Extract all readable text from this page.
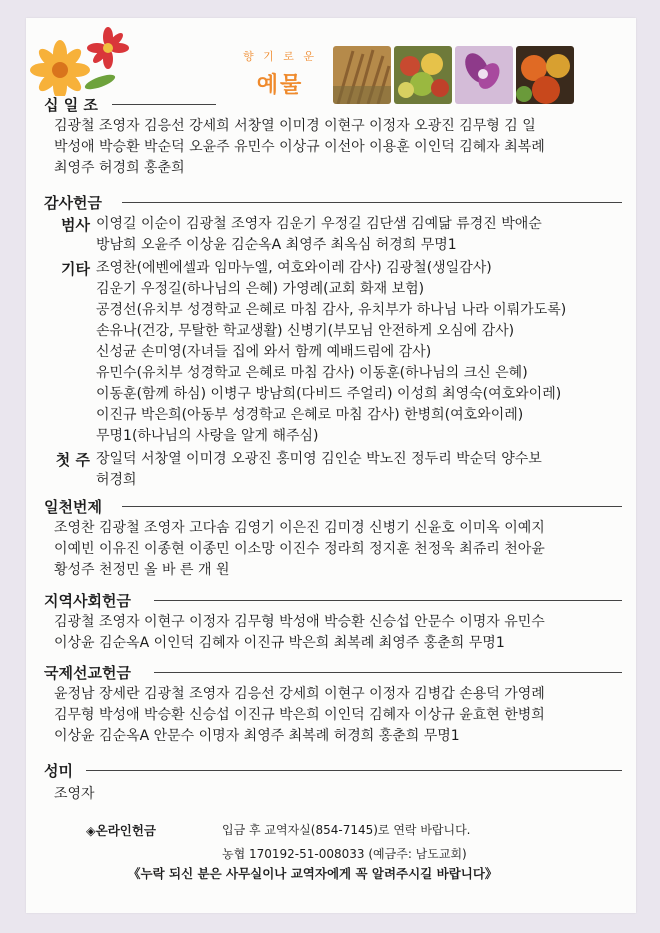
향 기 로 운
예물
십 일 조
김광철 조영자 김응선 강세희 서창열 이미경 이현구 이정자 오광진 김무형 김 일
박성애 박승환 박순덕 오윤주 유민수 이상규 이선아 이용훈 이인덕 김혜자 최복례
최영주 허경희 홍춘희
감사헌금
범사 이영길 이순이 김광철 조영자 김운기 우정길 김단샘 김예닮 류경진 박애순
방남희 오윤주 이상윤 김순옥A 최영주 최옥심 허경희 무명1
기타 조영찬(에벤에셀과 임마누엘, 여호와이레 감사) 김광철(생일감사)
김운기 우정길(하나님의 은혜) 가영례(교회 화재 보험)
공경선(유치부 성경학교 은혜로 마침 감사, 유치부가 하나님 나라 이뤄가도록)
손유나(건강, 무탈한 학교생활) 신병기(부모님 안전하게 오심에 감사)
신성균 손미영(자녀들 집에 와서 함께 예배드림에 감사)
유민수(유치부 성경학교 은혜로 마침 감사) 이동훈(하나님의 크신 은혜)
이동훈(함께 하심) 이병구 방남희(다비드 주얼리) 이성희 최영숙(여호와이레)
이진규 박은희(아동부 성경학교 은혜로 마침 감사) 한병희(여호와이레)
무명1(하나님의 사랑을 알게 해주심)
첫 주 장일덕 서창열 이미경 오광진 홍미영 김인순 박노진 정두리 박순덕 양수보
허경희
일천번제
조영찬 김광철 조영자 고다솜 김영기 이은진 김미경 신병기 신윤호 이미옥 이예지
이예빈 이유진 이종현 이종민 이소망 이진수 정라희 정지훈 천정욱 최쥬리 천아윤
황성주 천정민 올 바 른 개 원
지역사회헌금
김광철 조영자 이현구 이정자 김무형 박성애 박승환 신승섭 안문수 이명자 유민수
이상윤 김순옥A 이인덕 김혜자 이진규 박은희 최복례 최영주 홍춘희 무명1
국제선교헌금
윤정남 장세란 김광철 조영자 김응선 강세희 이현구 이정자 김병갑 손용덕 가영례
김무형 박성애 박승환 신승섭 이진규 박은희 이인덕 김혜자 이상규 윤효현 한병희
이상윤 김순옥A 안문수 이명자 최영주 최복례 허경희 홍춘희 무명1
성미
조영자
◈온라인헌금	입금 후 교역자실(854-7145)로 연락 바랍니다.
농협 170192-51-008033 (예금주: 남도교회)
《누락 되신 분은 사무실이나 교역자에게 꼭 알려주시길 바랍니다》
